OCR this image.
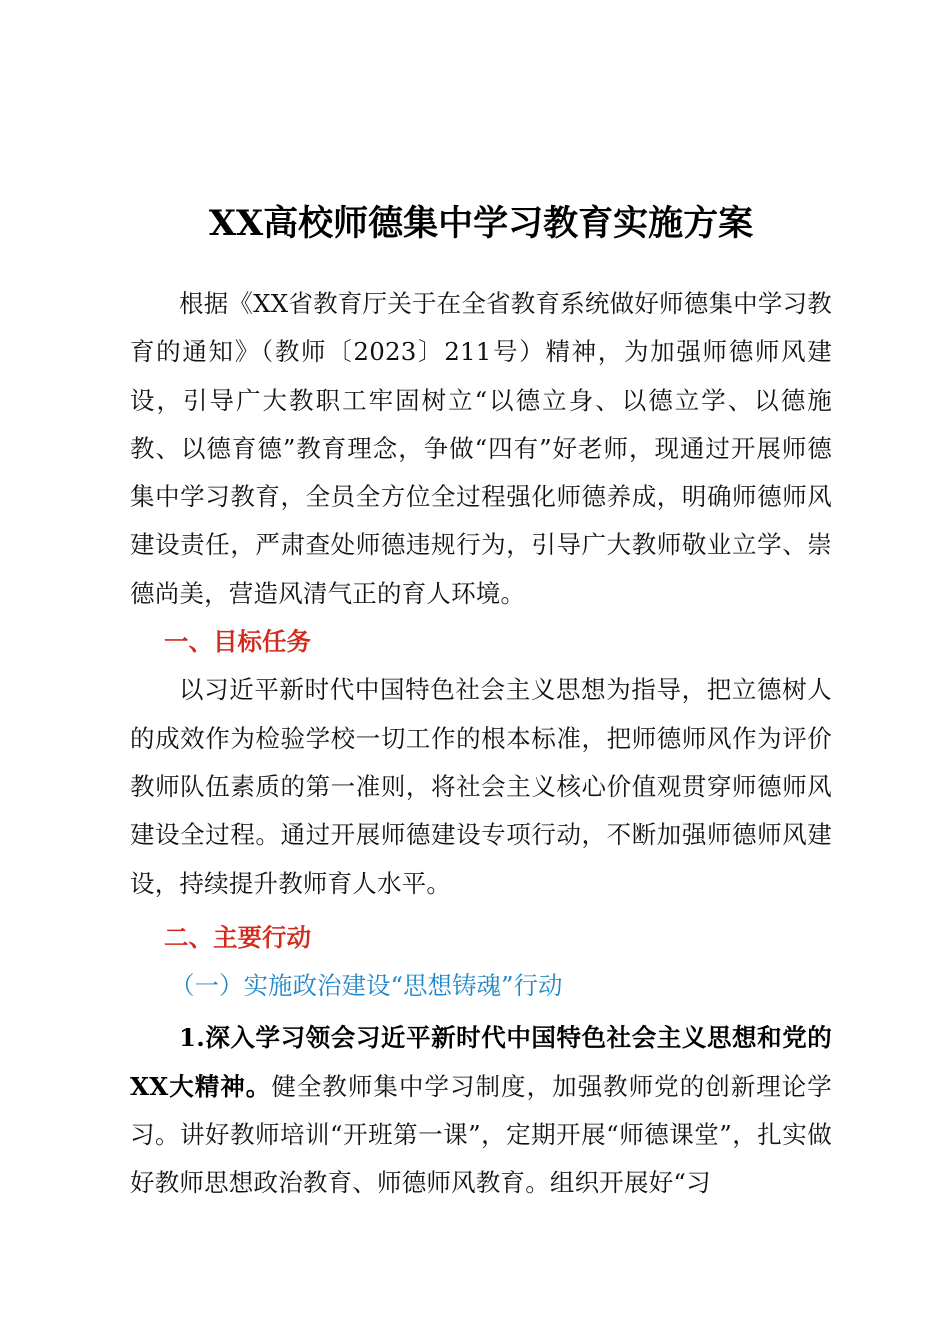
XX高校师德集中学习教育实施方案

根据《XX省教育厅关于在全省教育系统做好师德集中学习教育的通知》（教师〔2023〕211号）精神，为加强师德师风建设，引导广大教职工牢固树立“以德立身、以德立学、以德施教、以德育德”教育理念，争做“四有”好老师，现通过开展师德集中学习教育，全员全方位全过程强化师德养成，明确师德师风建设责任，严肃查处师德违规行为，引导广大教师敬业立学、崇德尚美，营造风清气正的育人环境。

一、目标任务

以习近平新时代中国特色社会主义思想为指导，把立德树人的成效作为检验学校一切工作的根本标准，把师德师风作为评价教师队伍素质的第一准则，将社会主义核心价值观贯穿师德师风建设全过程。通过开展师德建设专项行动，不断加强师德师风建设，持续提升教师育人水平。

二、主要行动

（一）实施政治建设“思想铸魂”行动

1.深入学习领会习近平新时代中国特色社会主义思想和党的XX大精神。健全教师集中学习制度，加强教师党的创新理论学习。讲好教师培训“开班第一课”，定期开展“师德课堂”，扎实做好教师思想政治教育、师德师风教育。组织开展好“习
